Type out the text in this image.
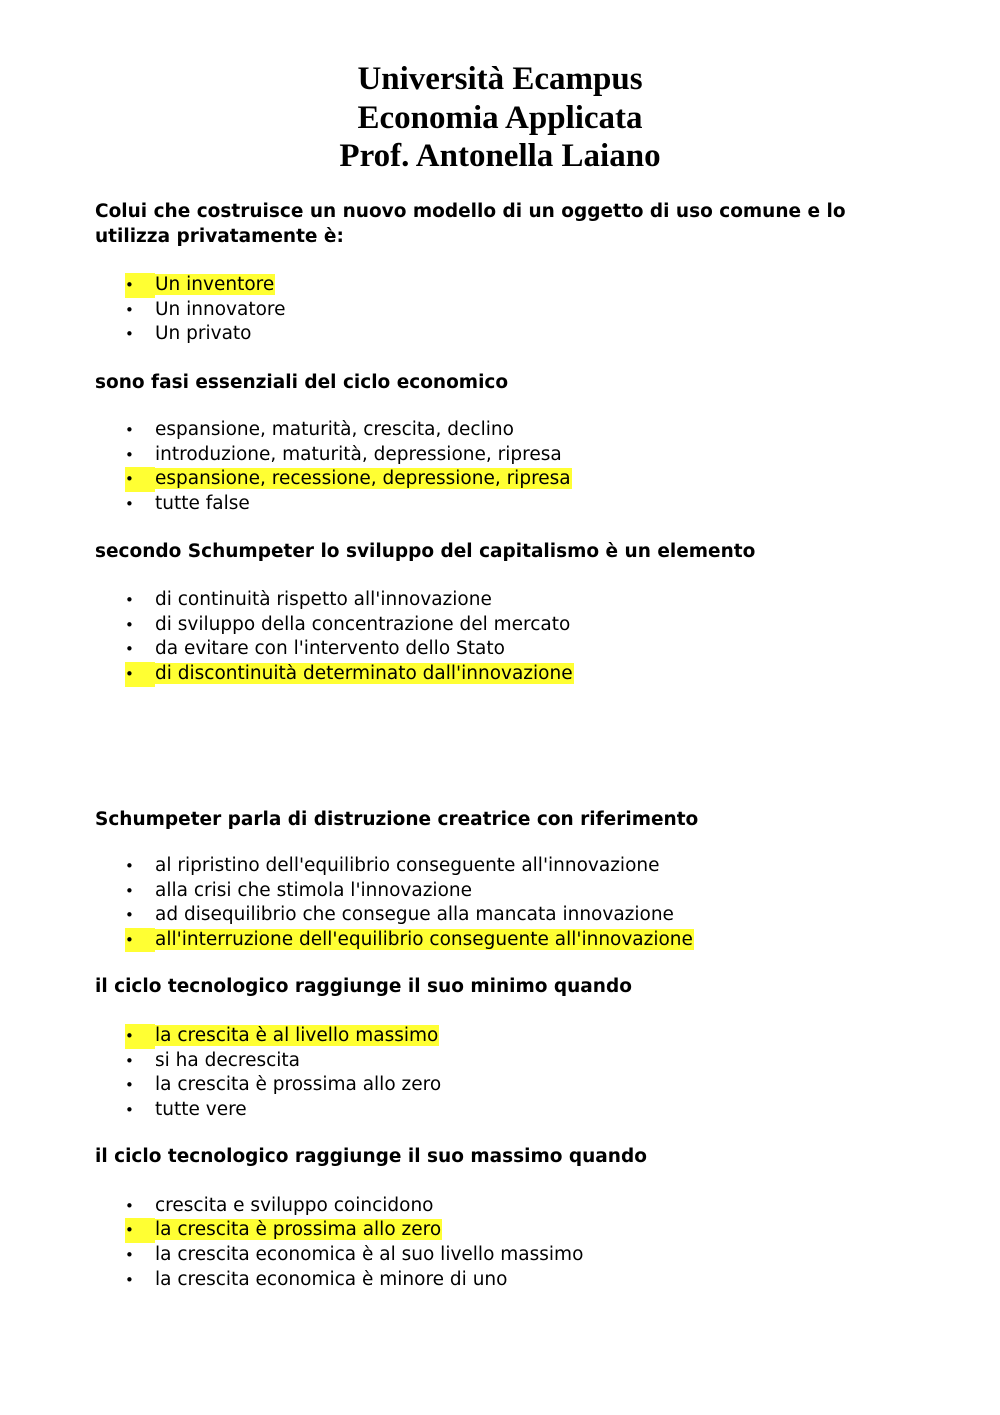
Università Ecampus
Economia Applicata
Prof. Antonella Laiano

Colui che costruisce un nuovo modello di un oggetto di uso comune e lo utilizza privatamente è:

•	Un inventore
•	Un innovatore
•	Un privato

sono fasi essenziali del ciclo economico

•	espansione, maturità, crescita, declino
•	introduzione, maturità, depressione, ripresa
•	espansione, recessione, depressione, ripresa
•	tutte false

secondo Schumpeter lo sviluppo del capitalismo è un elemento

•	di continuità rispetto all'innovazione
•	di sviluppo della concentrazione del mercato
•	da evitare con l'intervento dello Stato
•	di discontinuità determinato dall'innovazione

Schumpeter parla di distruzione creatrice con riferimento

•	al ripristino dell'equilibrio conseguente all'innovazione
•	alla crisi che stimola l'innovazione
•	ad disequilibrio che consegue alla mancata innovazione
•	all'interruzione dell'equilibrio conseguente all'innovazione

il ciclo tecnologico raggiunge il suo minimo quando

•	la crescita è al livello massimo
•	si ha decrescita
•	la crescita è prossima allo zero
•	tutte vere

il ciclo tecnologico raggiunge il suo massimo quando

•	crescita e sviluppo coincidono
•	la crescita è prossima allo zero
•	la crescita economica è al suo livello massimo
•	la crescita economica è minore di uno
